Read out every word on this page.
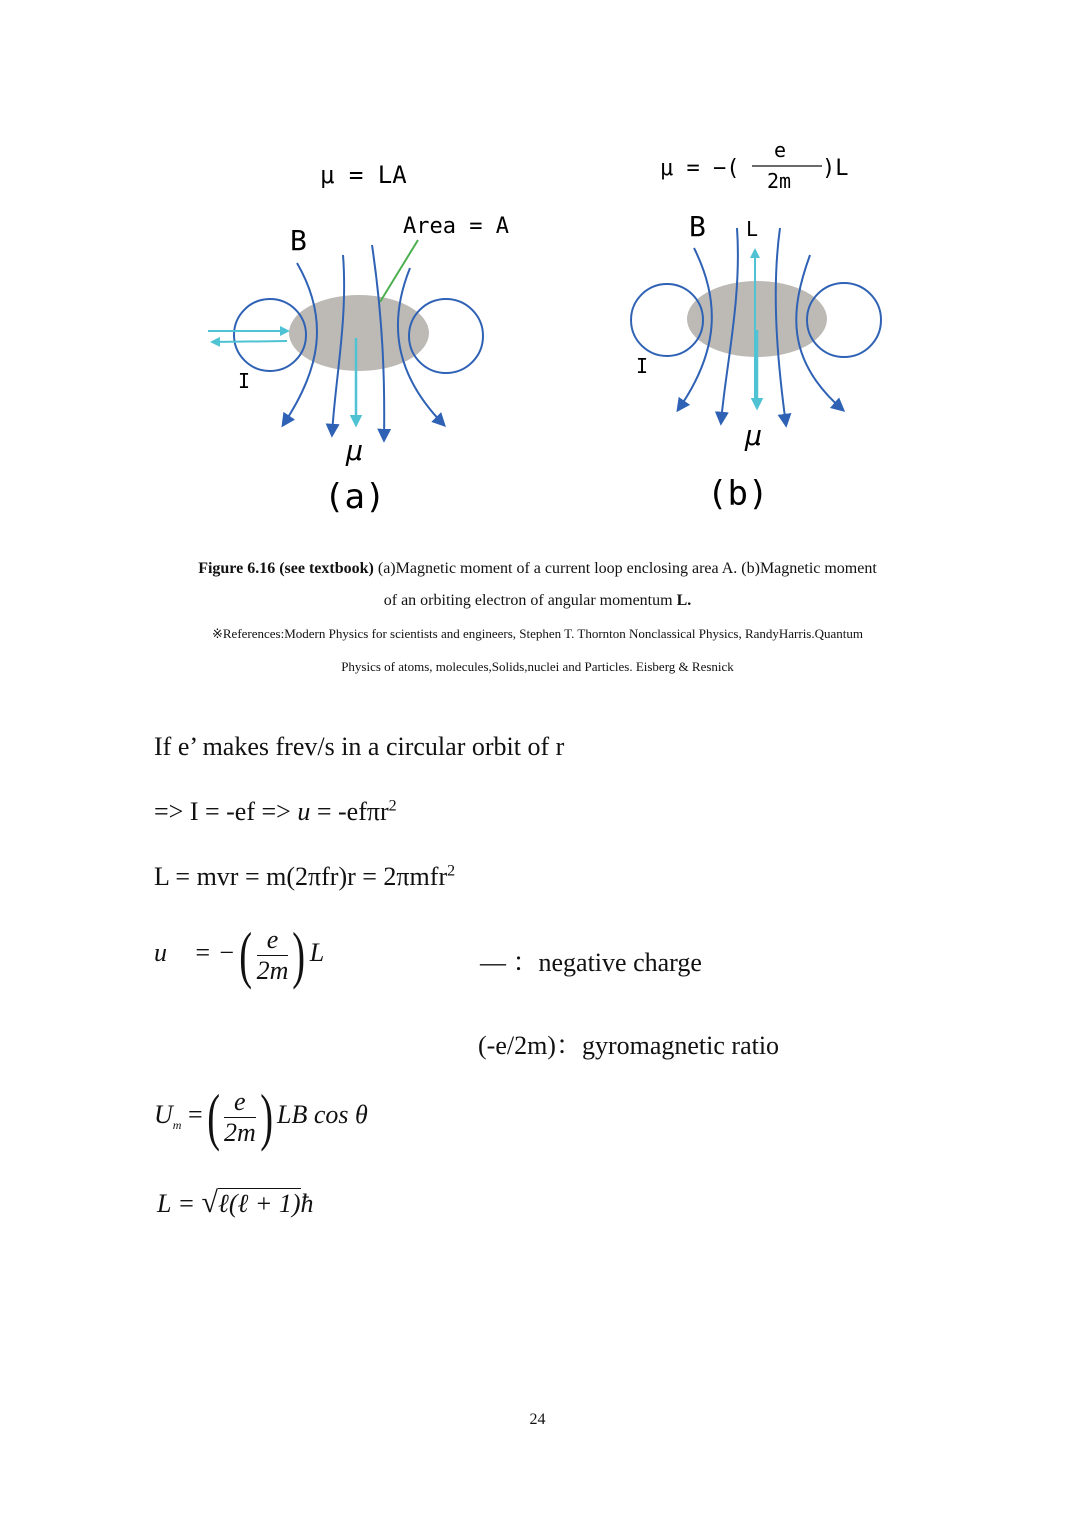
μ = LA
Area = A
B
I
μ
(a)
μ = −(
e
2m )L
B L
I
μ
(b)
Figure 6.16 (see textbook) (a)Magnetic moment of a current loop enclosing area A. (b)Magnetic moment
of an orbiting electron of angular momentum L.
※References:Modern Physics for scientists and engineers, Stephen T. Thornton Nonclassical Physics, RandyHarris.Quantum
Physics of atoms, molecules,Solids,nuclei and Particles. Eisberg & Resnick
If e’ makes frev/s in a circular orbit of r
=> I = -ef => u = -efπr$^2$
L = mvr = m(2πfr)r = 2πmfr$^2$
u⃗ = −( $\frac{e}{2m}$ ) L⃗	— ：negative charge
(-e/2m)：gyromagnetic ratio
$U_m$ =( $\frac{e}{2m}$ ) LB cos θ
L = √ℓ(ℓ + 1)ħ
24
